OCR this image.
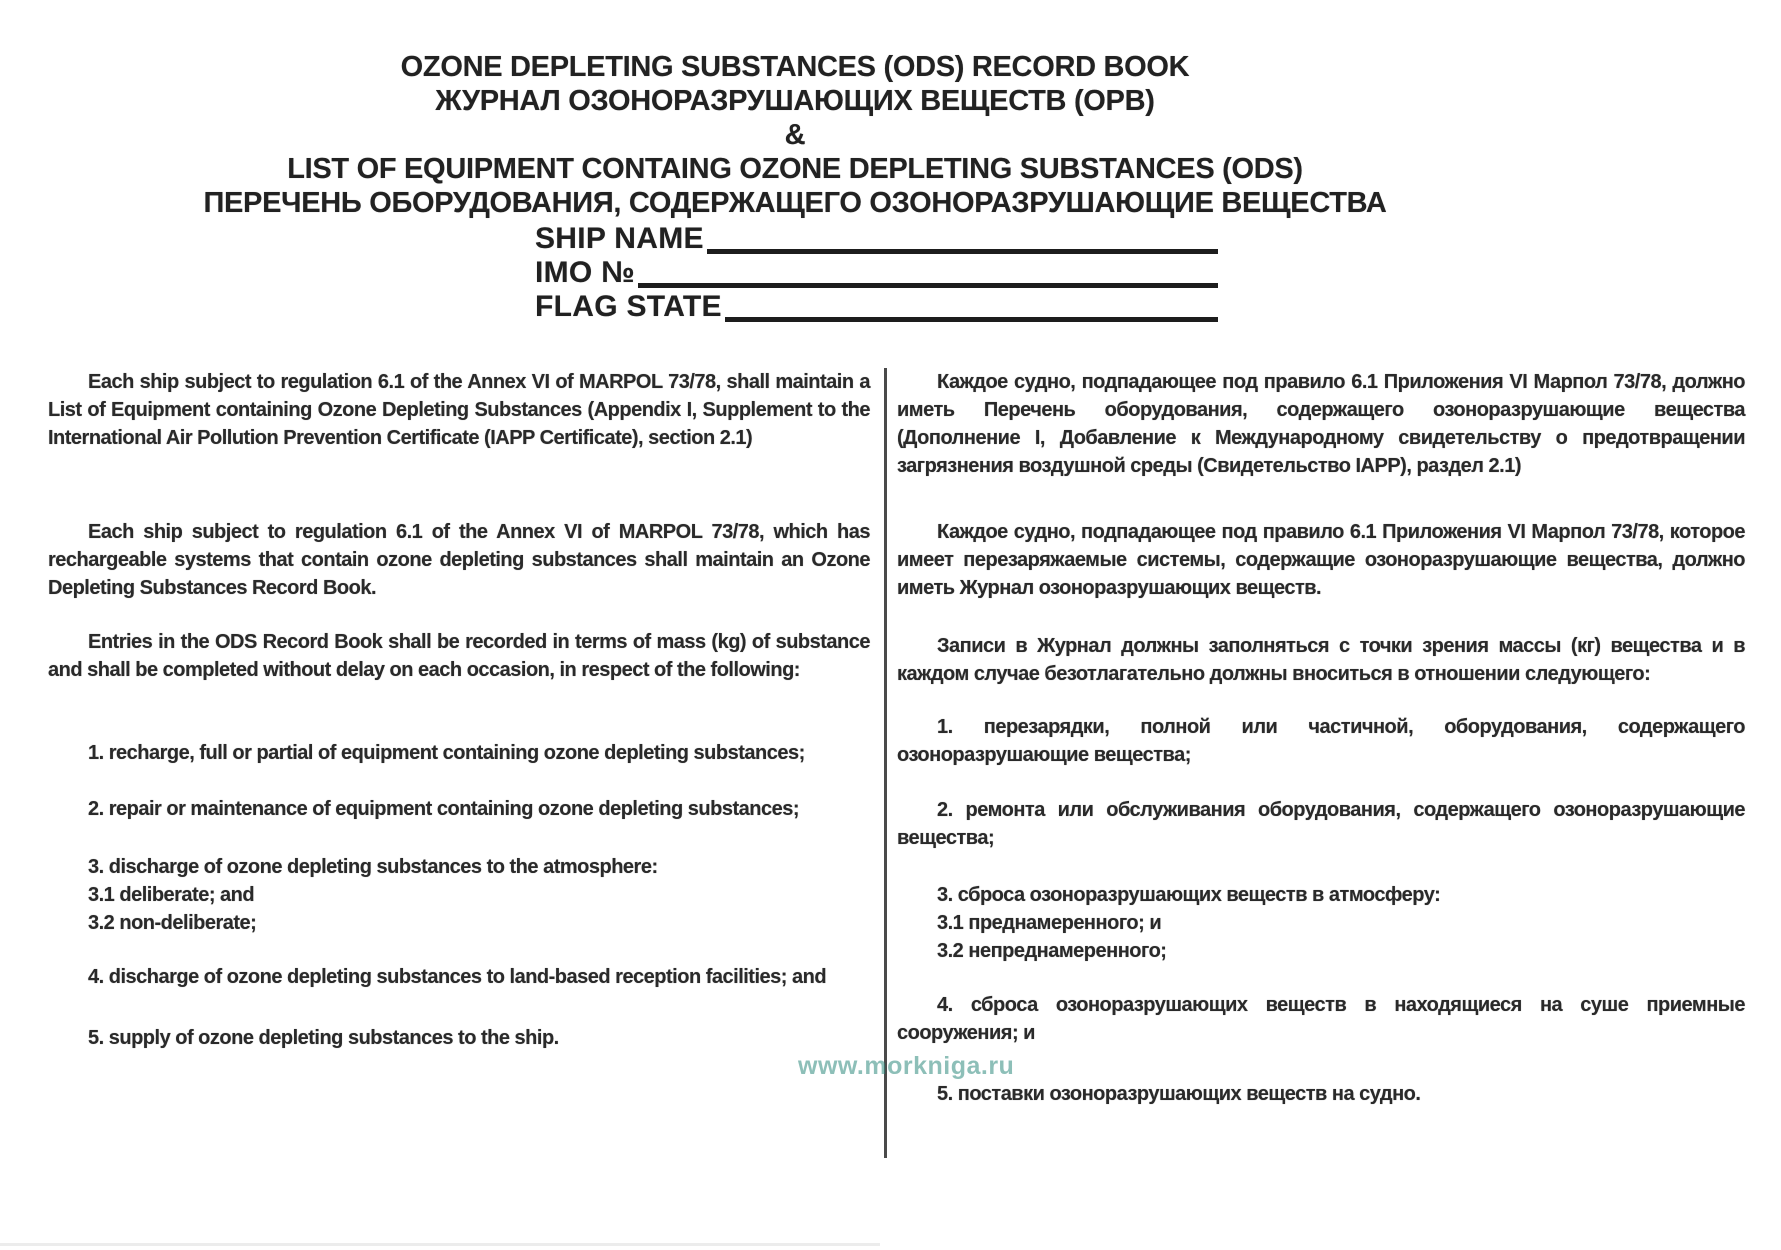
OZONE DEPLETING SUBSTANCES (ODS) RECORD BOOK
ЖУРНАЛ ОЗОНОРАЗРУШАЮЩИХ ВЕЩЕСТВ (ОРВ)
&
LIST OF EQUIPMENT CONTAING OZONE DEPLETING SUBSTANCES (ODS)
ПЕРЕЧЕНЬ ОБОРУДОВАНИЯ, СОДЕРЖАЩЕГО ОЗОНОРАЗРУШАЮЩИЕ ВЕЩЕСТВА
SHIP NAME
IMO №
FLAG STATE

Each ship subject to regulation 6.1 of the Annex VI of MARPOL 73/78, shall maintain a List of Equipment containing Ozone Depleting Substances (Appendix I, Supplement to the International Air Pollution Prevention Certificate (IAPP Certificate), section 2.1)

Each ship subject to regulation 6.1 of the Annex VI of MARPOL 73/78, which has rechargeable systems that contain ozone depleting substances shall maintain an Ozone Depleting Substances Record Book.

Entries in the ODS Record Book shall be recorded in terms of mass (kg) of substance and shall be completed without delay on each occasion, in respect of the following:

1. recharge, full or partial of equipment containing ozone depleting substances;

2. repair or maintenance of equipment containing ozone depleting substances;

3. discharge of ozone depleting substances to the atmosphere:

3.1 deliberate; and

3.2 non-deliberate;

4. discharge of ozone depleting substances to land-based reception facilities; and

5. supply of ozone depleting substances to the ship.

Каждое судно, подпадающее под правило 6.1 Приложения VI Марпол 73/78, должно иметь Перечень оборудования, содержащего озоноразрушающие вещества (Дополнение I, Добавление к Международному свидетельству о предотвращении загрязнения воздушной среды (Свидетельство IAPP), раздел 2.1)

Каждое судно, подпадающее под правило 6.1 Приложения VI Марпол 73/78, которое имеет перезаряжаемые системы, содержащие озоноразрушающие вещества, должно иметь Журнал озоноразрушающих веществ.

Записи в Журнал должны заполняться с точки зрения массы (кг) вещества и в каждом случае безотлагательно должны вноситься в отношении следующего:

1. перезарядки, полной или частичной, оборудования, содержащего озоноразрушающие вещества;

2. ремонта или обслуживания оборудования, содержащего озоноразрушающие вещества;

3. сброса озоноразрушающих веществ в атмосферу:

3.1 преднамеренного; и

3.2 непреднамеренного;

4. сброса озоноразрушающих веществ в находящиеся на суше приемные сооружения; и

5. поставки озоноразрушающих веществ на судно.

www.morkniga.ru
